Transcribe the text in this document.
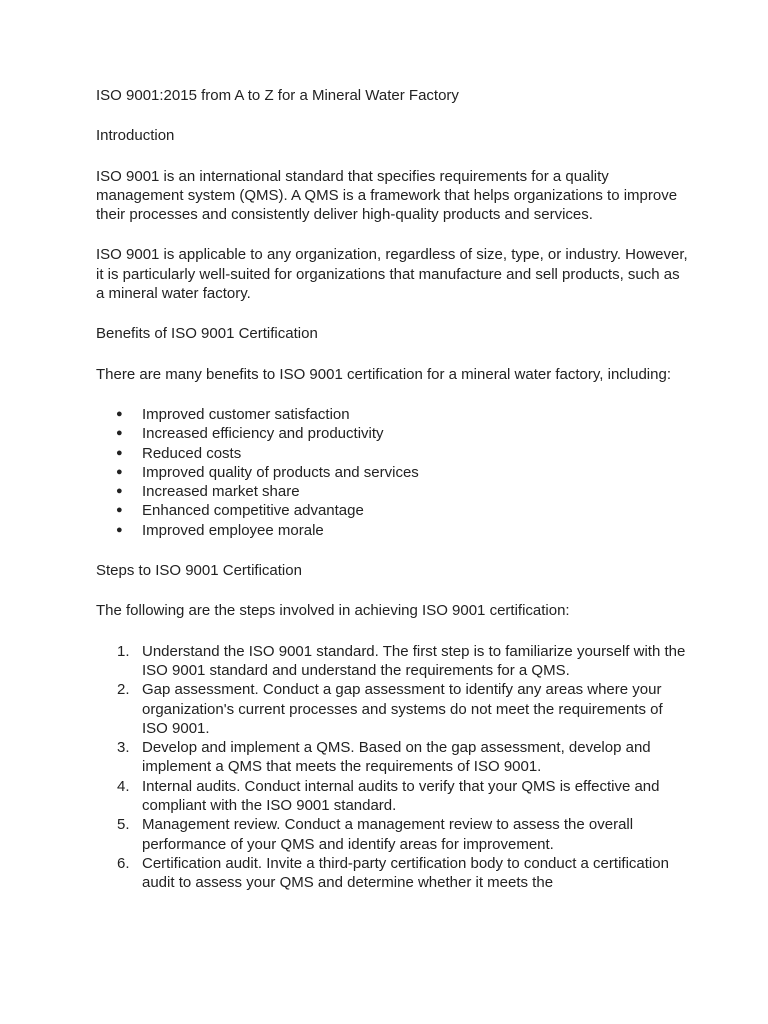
ISO 9001:2015 from A to Z for a Mineral Water Factory

Introduction

ISO 9001 is an international standard that specifies requirements for a quality management system (QMS). A QMS is a framework that helps organizations to improve their processes and consistently deliver high-quality products and services.

ISO 9001 is applicable to any organization, regardless of size, type, or industry. However, it is particularly well-suited for organizations that manufacture and sell products, such as a mineral water factory.

Benefits of ISO 9001 Certification

There are many benefits to ISO 9001 certification for a mineral water factory, including:

● Improved customer satisfaction
● Increased efficiency and productivity
● Reduced costs
● Improved quality of products and services
● Increased market share
● Enhanced competitive advantage
● Improved employee morale

Steps to ISO 9001 Certification

The following are the steps involved in achieving ISO 9001 certification:

1. Understand the ISO 9001 standard. The first step is to familiarize yourself with the ISO 9001 standard and understand the requirements for a QMS.
2. Gap assessment. Conduct a gap assessment to identify any areas where your organization's current processes and systems do not meet the requirements of ISO 9001.
3. Develop and implement a QMS. Based on the gap assessment, develop and implement a QMS that meets the requirements of ISO 9001.
4. Internal audits. Conduct internal audits to verify that your QMS is effective and compliant with the ISO 9001 standard.
5. Management review. Conduct a management review to assess the overall performance of your QMS and identify areas for improvement.
6. Certification audit. Invite a third-party certification body to conduct a certification audit to assess your QMS and determine whether it meets the
